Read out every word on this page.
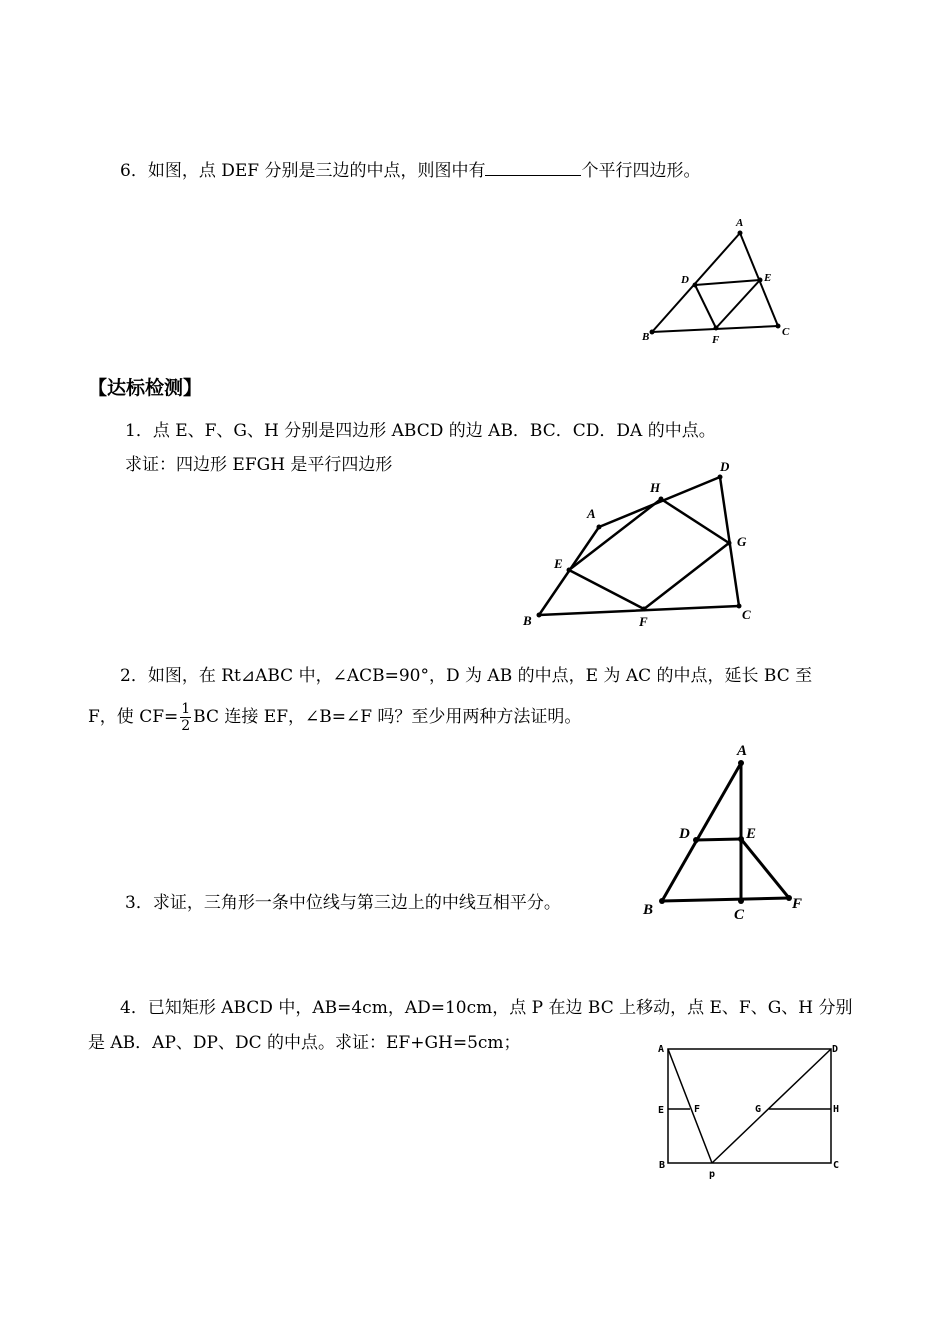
6．如图，点 DEF 分别是三边的中点，则图中有	个平行四边形。
A
D	E
B	F
C
【达标检测】
1．点 E、F、G、H 分别是四边形 ABCD 的边 AB．BC．CD．DA 的中点。
求证：四边形 EFGH 是平行四边形	D
H
A
G
E
B	F	C
2．如图，在 Rt⊿ABC 中，∠ACB=90°，D 为 AB 的中点，E 为 AC 的中点，延长 BC 至
F，使 $CF= \frac{1}{2}$ BC 连接 EF，∠B=∠F 吗？至少用两种方法证明。
A
D	E
B	C
F
3．求证，三角形一条中位线与第三边上的中线互相平分。
4．已知矩形 ABCD 中，AB=4cm，AD=10cm，点 P 在边 BC 上移动，点 E、F、G、H 分别
是 AB．AP、DP、DC 的中点。求证：EF+GH=5cm；	A	D
E	F	G	H
B
p
C
